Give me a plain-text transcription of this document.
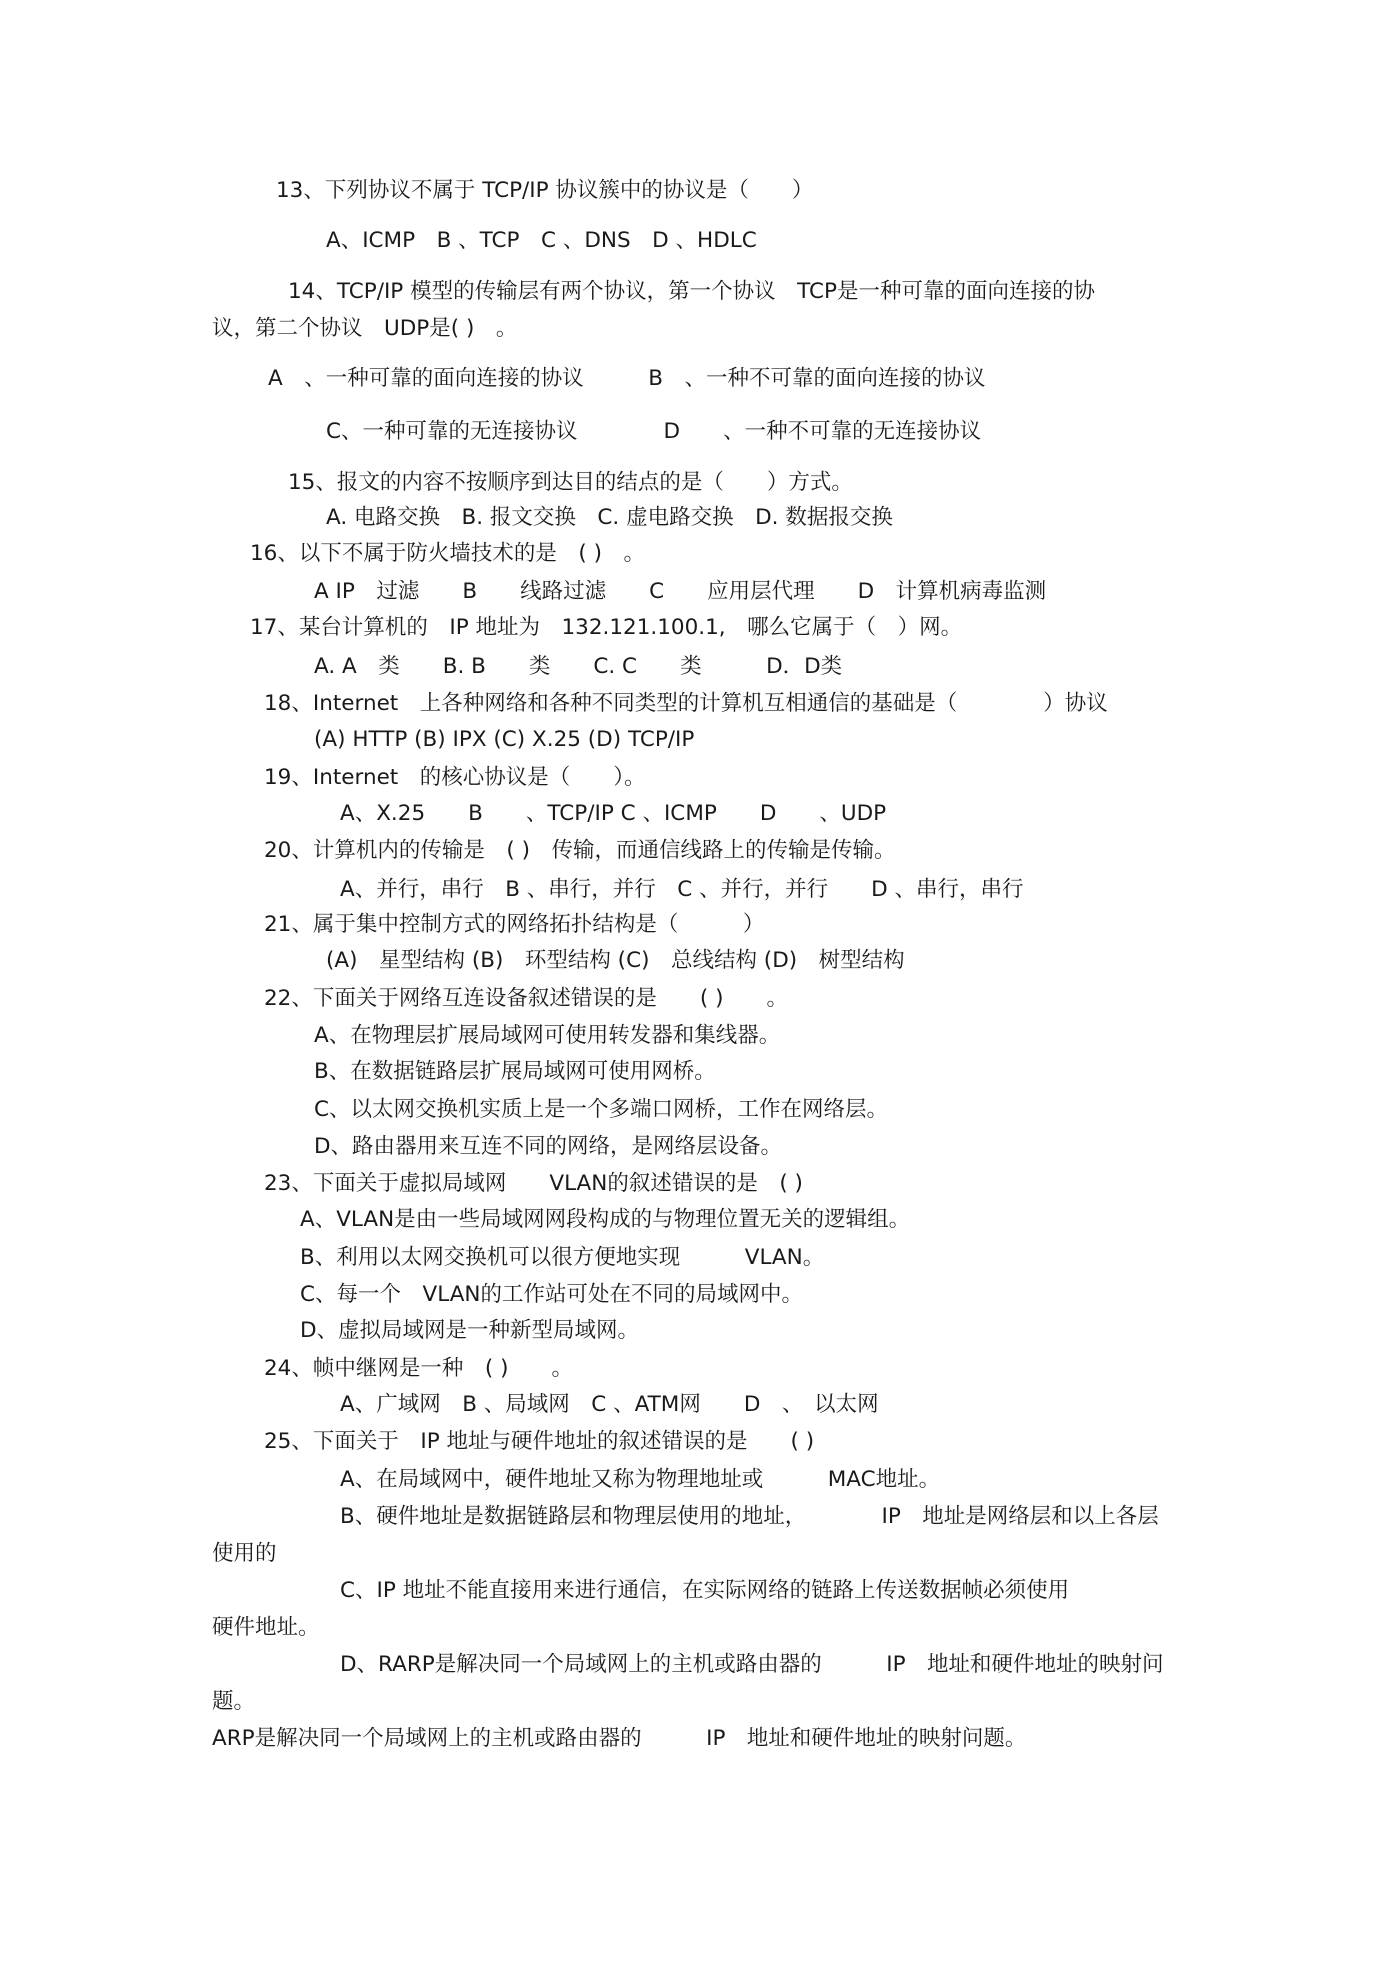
13、下列协议不属于 TCP/IP 协议簇中的协议是（　　）
A、ICMP　B 、TCP　C 、DNS　D 、HDLC
14、TCP/IP 模型的传输层有两个协议，第一个协议　TCP是一种可靠的面向连接的协
议，第二个协议　UDP是( )　。
A　、一种可靠的面向连接的协议　　　B　、一种不可靠的面向连接的协议
C、一种可靠的无连接协议　　　　D　　、一种不可靠的无连接协议
15、报文的内容不按顺序到达目的结点的是（　　）方式。
A. 电路交换　B. 报文交换　C. 虚电路交换　D. 数据报交换
16、以下不属于防火墙技术的是　( )　。
A IP　过滤　　B　　线路过滤　　C　　应用层代理　　D　计算机病毒监测
17、某台计算机的　IP 地址为　132.121.100.1,　哪么它属于（　）网。
A. A　类　　B. B　　类　　C. C　　类　　　D．D类
18、Internet　上各种网络和各种不同类型的计算机互相通信的基础是（　　　　）协议
(A) HTTP (B) IPX (C) X.25 (D) TCP/IP
19、Internet　的核心协议是（　　）。
A、X.25　　B　　、TCP/IP C 、ICMP　　D　　、UDP
20、计算机内的传输是　( )　传输，而通信线路上的传输是传输。
A、并行，串行　B 、串行，并行　C 、并行，并行　　D 、串行，串行
21、属于集中控制方式的网络拓扑结构是（　　　）
(A)　星型结构 (B)　环型结构 (C)　总线结构 (D)　树型结构
22、下面关于网络互连设备叙述错误的是　　( )　　。
A、在物理层扩展局域网可使用转发器和集线器。
B、在数据链路层扩展局域网可使用网桥。
C、以太网交换机实质上是一个多端口网桥，工作在网络层。
D、路由器用来互连不同的网络，是网络层设备。
23、下面关于虚拟局域网　　VLAN的叙述错误的是　( )
A、VLAN是由一些局域网网段构成的与物理位置无关的逻辑组。
B、利用以太网交换机可以很方便地实现　　　VLAN。
C、每一个　VLAN的工作站可处在不同的局域网中。
D、虚拟局域网是一种新型局域网。
24、帧中继网是一种　( )　　。
A、广域网　B 、局域网　C 、ATM网　　D　、　以太网
25、下面关于　IP 地址与硬件地址的叙述错误的是　　( )
A、在局域网中，硬件地址又称为物理地址或　　　MAC地址。
B、硬件地址是数据链路层和物理层使用的地址，　　　　IP　地址是网络层和以上各层
使用的
C、IP 地址不能直接用来进行通信，在实际网络的链路上传送数据帧必须使用
硬件地址。
D、RARP是解决同一个局域网上的主机或路由器的　　　IP　地址和硬件地址的映射问
题。
ARP是解决同一个局域网上的主机或路由器的　　　IP　地址和硬件地址的映射问题。
